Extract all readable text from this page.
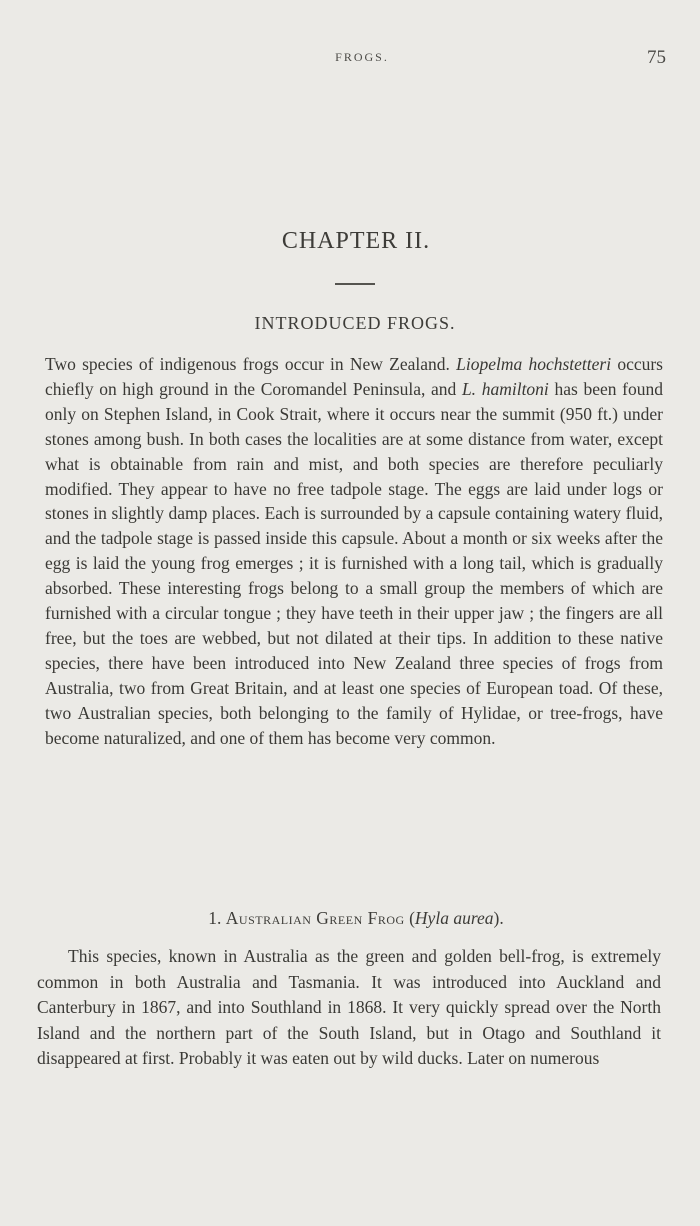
FROGS.	75
CHAPTER II.
INTRODUCED FROGS.

Two species of indigenous frogs occur in New Zealand. Liopelma hochstetteri occurs chiefly on high ground in the Coromandel Peninsula, and L. hamiltoni has been found only on Stephen Island, in Cook Strait, where it occurs near the summit (950 ft.) under stones among bush. In both cases the localities are at some distance from water, except what is obtainable from rain and mist, and both species are therefore peculiarly modified. They appear to have no free tadpole stage. The eggs are laid under logs or stones in slightly damp places. Each is surrounded by a capsule containing watery fluid, and the tadpole stage is passed inside this capsule. About a month or six weeks after the egg is laid the young frog emerges ; it is furnished with a long tail, which is gradually absorbed. These interesting frogs belong to a small group the members of which are furnished with a circular tongue ; they have teeth in their upper jaw ; the fingers are all free, but the toes are webbed, but not dilated at their tips. In addition to these native species, there have been introduced into New Zealand three species of frogs from Australia, two from Great Britain, and at least one species of European toad. Of these, two Australian species, both belonging to the family of Hylidae, or tree-frogs, have become naturalized, and one of them has become very common.

1. Australian Green Frog (Hyla aurea).

This species, known in Australia as the green and golden bell-frog, is extremely common in both Australia and Tasmania. It was introduced into Auckland and Canterbury in 1867, and into Southland in 1868. It very quickly spread over the North Island and the northern part of the South Island, but in Otago and Southland it disappeared at first. Probably it was eaten out by wild ducks. Later on numerous
